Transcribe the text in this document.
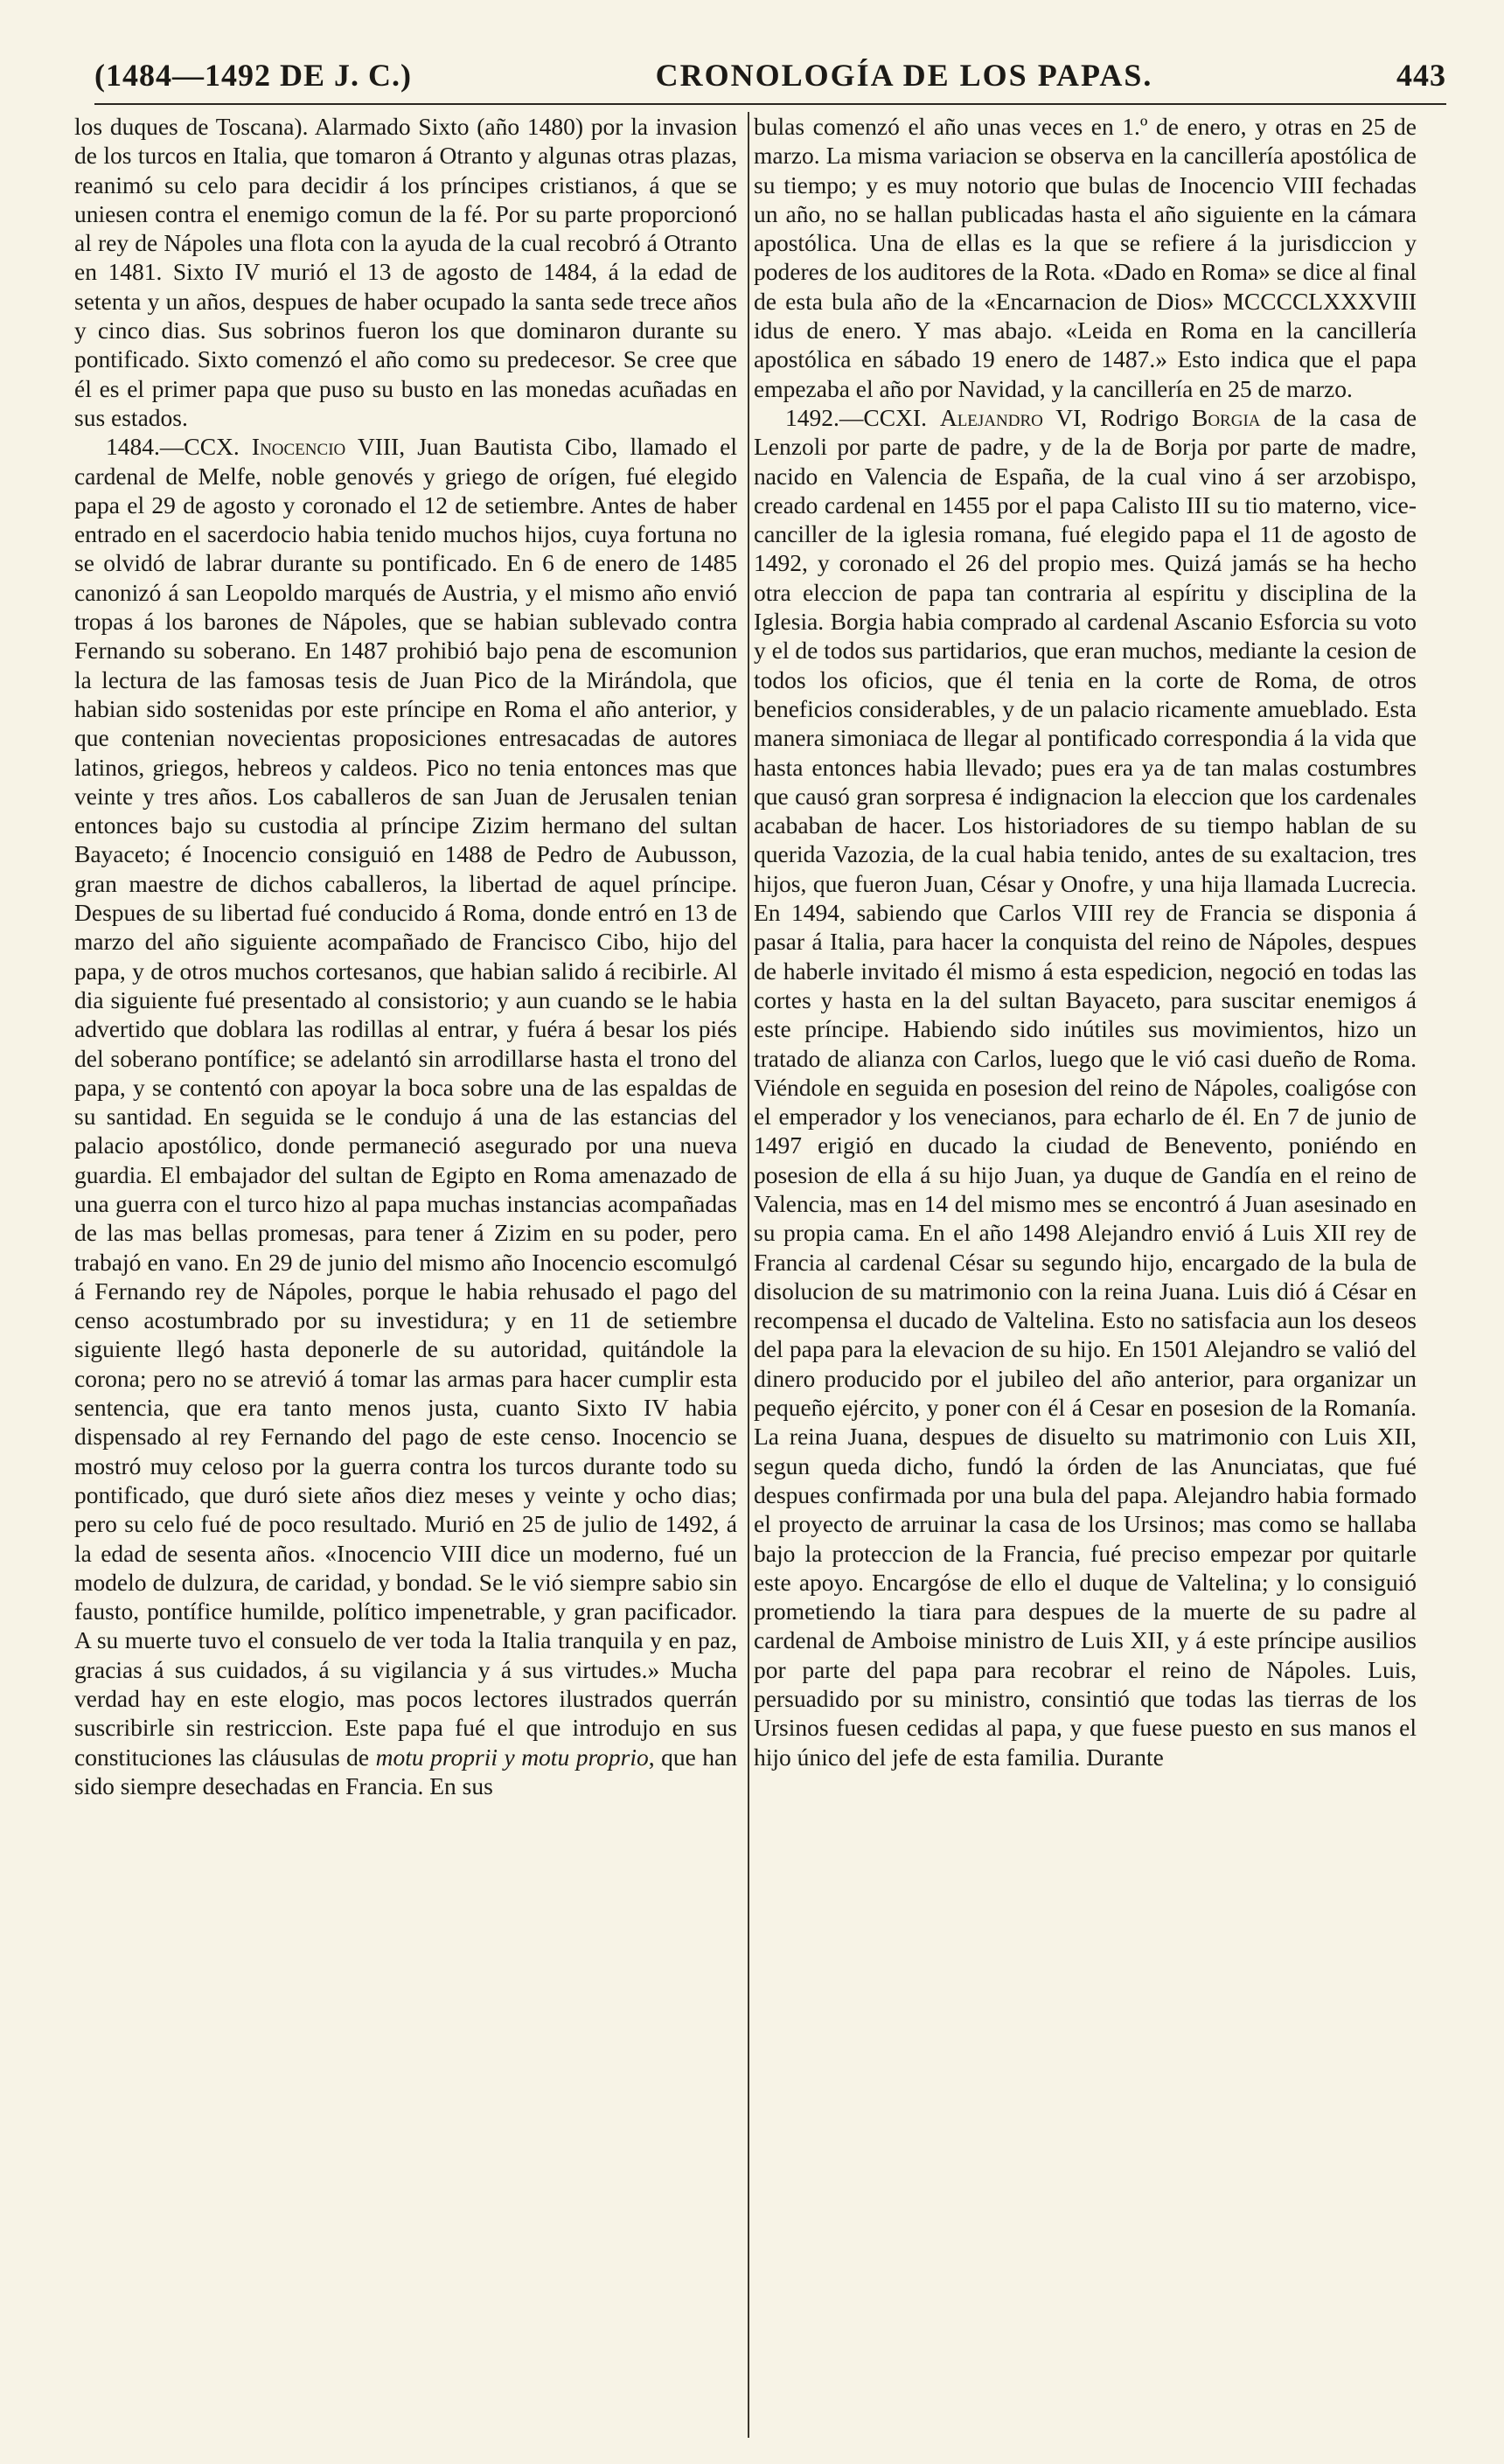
(1484—1492 DE J. C.)	CRONOLOGÍA DE LOS PAPAS.	443

los duques de Toscana). Alarmado Sixto (año 1480) por la invasion de los turcos en Italia, que tomaron á Otranto y algunas otras plazas, reanimó su celo para decidir á los príncipes cristianos, á que se uniesen contra el enemigo comun de la fé. Por su parte proporcionó al rey de Nápoles una flota con la ayuda de la cual recobró á Otranto en 1481. Sixto IV murió el 13 de agosto de 1484, á la edad de setenta y un años, despues de haber ocupado la santa sede trece años y cinco dias. Sus sobrinos fueron los que dominaron durante su pontificado. Sixto comenzó el año como su predecesor. Se cree que él es el primer papa que puso su busto en las monedas acuñadas en sus estados.

1484.—CCX. Inocencio VIII, Juan Bautista Cibo, llamado el cardenal de Melfe, noble genovés y griego de orígen, fué elegido papa el 29 de agosto y coronado el 12 de setiembre. Antes de haber entrado en el sacerdocio habia tenido muchos hijos, cuya fortuna no se olvidó de labrar durante su pontificado. En 6 de enero de 1485 canonizó á san Leopoldo marqués de Austria, y el mismo año envió tropas á los barones de Nápoles, que se habian sublevado contra Fernando su soberano. En 1487 prohibió bajo pena de escomunion la lectura de las famosas tesis de Juan Pico de la Mirándola, que habian sido sostenidas por este príncipe en Roma el año anterior, y que contenian novecientas proposiciones entresacadas de autores latinos, griegos, hebreos y caldeos. Pico no tenia entonces mas que veinte y tres años. Los caballeros de san Juan de Jerusalen tenian entonces bajo su custodia al príncipe Zizim hermano del sultan Bayaceto; é Inocencio consiguió en 1488 de Pedro de Aubusson, gran maestre de dichos caballeros, la libertad de aquel príncipe. Despues de su libertad fué conducido á Roma, donde entró en 13 de marzo del año siguiente acompañado de Francisco Cibo, hijo del papa, y de otros muchos cortesanos, que habian salido á recibirle. Al dia siguiente fué presentado al consistorio; y aun cuando se le habia advertido que doblara las rodillas al entrar, y fuéra á besar los piés del soberano pontífice; se adelantó sin arrodillarse hasta el trono del papa, y se contentó con apoyar la boca sobre una de las espaldas de su santidad. En seguida se le condujo á una de las estancias del palacio apostólico, donde permaneció asegurado por una nueva guardia. El embajador del sultan de Egipto en Roma amenazado de una guerra con el turco hizo al papa muchas instancias acompañadas de las mas bellas promesas, para tener á Zizim en su poder, pero trabajó en vano. En 29 de junio del mismo año Inocencio escomulgó á Fernando rey de Nápoles, porque le habia rehusado el pago del censo acostumbrado por su investidura; y en 11 de setiembre siguiente llegó hasta deponerle de su autoridad, quitándole la corona; pero no se atrevió á tomar las armas para hacer cumplir esta sentencia, que era tanto menos justa, cuanto Sixto IV habia dispensado al rey Fernando del pago de este censo. Inocencio se mostró muy celoso por la guerra contra los turcos durante todo su pontificado, que duró siete años diez meses y veinte y ocho dias; pero su celo fué de poco resultado. Murió en 25 de julio de 1492, á la edad de sesenta años. «Inocencio VIII dice un moderno, fué un modelo de dulzura, de caridad, y bondad. Se le vió siempre sabio sin fausto, pontífice humilde, político impenetrable, y gran pacificador. A su muerte tuvo el consuelo de ver toda la Italia tranquila y en paz, gracias á sus cuidados, á su vigilancia y á sus virtudes.» Mucha verdad hay en este elogio, mas pocos lectores ilustrados querrán suscribirle sin restriccion. Este papa fué el que introdujo en sus constituciones las cláusulas de motu proprii y motu proprio, que han sido siempre desechadas en Francia. En sus

bulas comenzó el año unas veces en 1.º de enero, y otras en 25 de marzo. La misma variacion se observa en la cancillería apostólica de su tiempo; y es muy notorio que bulas de Inocencio VIII fechadas un año, no se hallan publicadas hasta el año siguiente en la cámara apostólica. Una de ellas es la que se refiere á la jurisdiccion y poderes de los auditores de la Rota. «Dado en Roma» se dice al final de esta bula año de la «Encarnacion de Dios» MCCCCLXXXVIII idus de enero. Y mas abajo. «Leida en Roma en la cancillería apostólica en sábado 19 enero de 1487.» Esto indica que el papa empezaba el año por Navidad, y la cancillería en 25 de marzo.

1492.—CCXI. Alejandro VI, Rodrigo Borgia de la casa de Lenzoli por parte de padre, y de la de Borja por parte de madre, nacido en Valencia de España, de la cual vino á ser arzobispo, creado cardenal en 1455 por el papa Calisto III su tio materno, vice-canciller de la iglesia romana, fué elegido papa el 11 de agosto de 1492, y coronado el 26 del propio mes. Quizá jamás se ha hecho otra eleccion de papa tan contraria al espíritu y disciplina de la Iglesia. Borgia habia comprado al cardenal Ascanio Esforcia su voto y el de todos sus partidarios, que eran muchos, mediante la cesion de todos los oficios, que él tenia en la corte de Roma, de otros beneficios considerables, y de un palacio ricamente amueblado. Esta manera simoniaca de llegar al pontificado correspondia á la vida que hasta entonces habia llevado; pues era ya de tan malas costumbres que causó gran sorpresa é indignacion la eleccion que los cardenales acababan de hacer. Los historiadores de su tiempo hablan de su querida Vazozia, de la cual habia tenido, antes de su exaltacion, tres hijos, que fueron Juan, César y Onofre, y una hija llamada Lucrecia. En 1494, sabiendo que Carlos VIII rey de Francia se disponia á pasar á Italia, para hacer la conquista del reino de Nápoles, despues de haberle invitado él mismo á esta espedicion, negoció en todas las cortes y hasta en la del sultan Bayaceto, para suscitar enemigos á este príncipe. Habiendo sido inútiles sus movimientos, hizo un tratado de alianza con Carlos, luego que le vió casi dueño de Roma. Viéndole en seguida en posesion del reino de Nápoles, coaligóse con el emperador y los venecianos, para echarlo de él. En 7 de junio de 1497 erigió en ducado la ciudad de Benevento, poniéndo en posesion de ella á su hijo Juan, ya duque de Gandía en el reino de Valencia, mas en 14 del mismo mes se encontró á Juan asesinado en su propia cama. En el año 1498 Alejandro envió á Luis XII rey de Francia al cardenal César su segundo hijo, encargado de la bula de disolucion de su matrimonio con la reina Juana. Luis dió á César en recompensa el ducado de Valtelina. Esto no satisfacia aun los deseos del papa para la elevacion de su hijo. En 1501 Alejandro se valió del dinero producido por el jubileo del año anterior, para organizar un pequeño ejército, y poner con él á Cesar en posesion de la Romanía. La reina Juana, despues de disuelto su matrimonio con Luis XII, segun queda dicho, fundó la órden de las Anunciatas, que fué despues confirmada por una bula del papa. Alejandro habia formado el proyecto de arruinar la casa de los Ursinos; mas como se hallaba bajo la proteccion de la Francia, fué preciso empezar por quitarle este apoyo. Encargóse de ello el duque de Valtelina; y lo consiguió prometiendo la tiara para despues de la muerte de su padre al cardenal de Amboise ministro de Luis XII, y á este príncipe ausilios por parte del papa para recobrar el reino de Nápoles. Luis, persuadido por su ministro, consintió que todas las tierras de los Ursinos fuesen cedidas al papa, y que fuese puesto en sus manos el hijo único del jefe de esta familia. Durante
